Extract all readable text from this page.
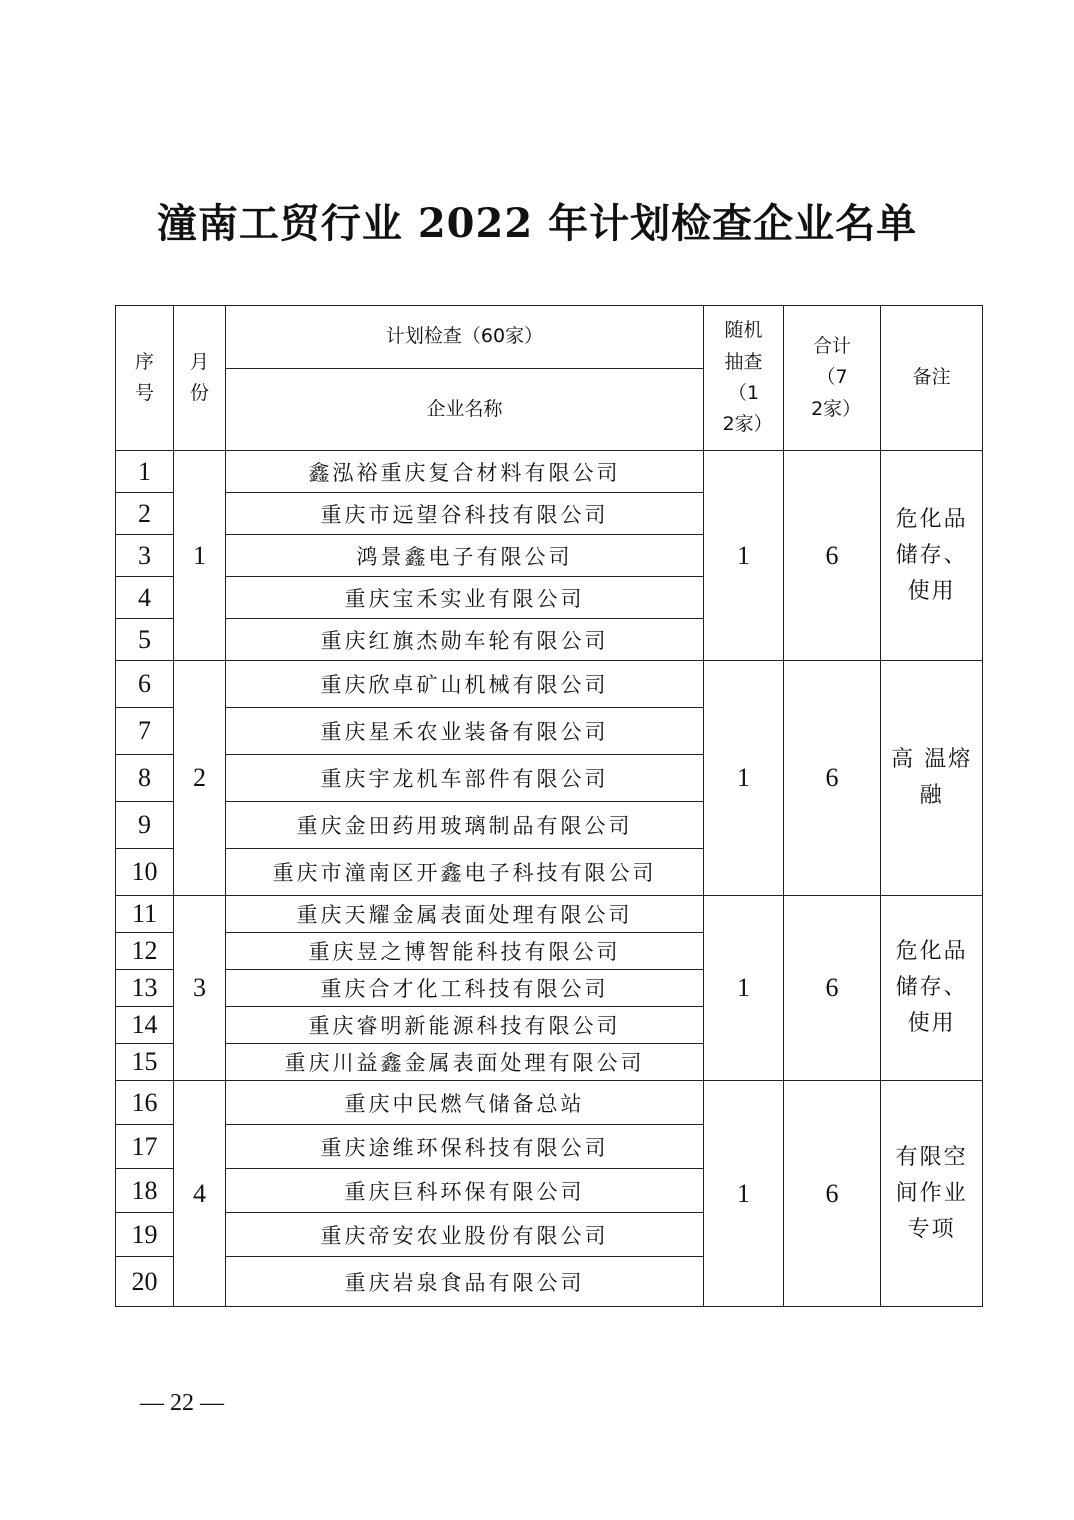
潼南工贸行业 2022 年计划检查企业名单
序号	月份	计划检查（60家）	随机抽查（12家）	合计（72家）	备注
		企业名称			
1	1	鑫泓裕重庆复合材料有限公司	1	6	危化品储存、使用
2		重庆市远望谷科技有限公司			
3		鸿景鑫电子有限公司			
4		重庆宝禾实业有限公司			
5		重庆红旗杰勋车轮有限公司			
6	2	重庆欣卓矿山机械有限公司	1	6	高 温熔 融
7		重庆星禾农业装备有限公司			
8		重庆宇龙机车部件有限公司			
9		重庆金田药用玻璃制品有限公司			
10		重庆市潼南区开鑫电子科技有限公司			
11	3	重庆天耀金属表面处理有限公司	1	6	危化品储存、使用
12		重庆昱之博智能科技有限公司			
13		重庆合才化工科技有限公司			
14		重庆睿明新能源科技有限公司			
15		重庆川益鑫金属表面处理有限公司			
16	4	重庆中民燃气储备总站	1	6	有限空间作业专项
17		重庆途维环保科技有限公司			
18		重庆巨科环保有限公司			
19		重庆帝安农业股份有限公司			
20		重庆岩泉食品有限公司			
— 22 —
